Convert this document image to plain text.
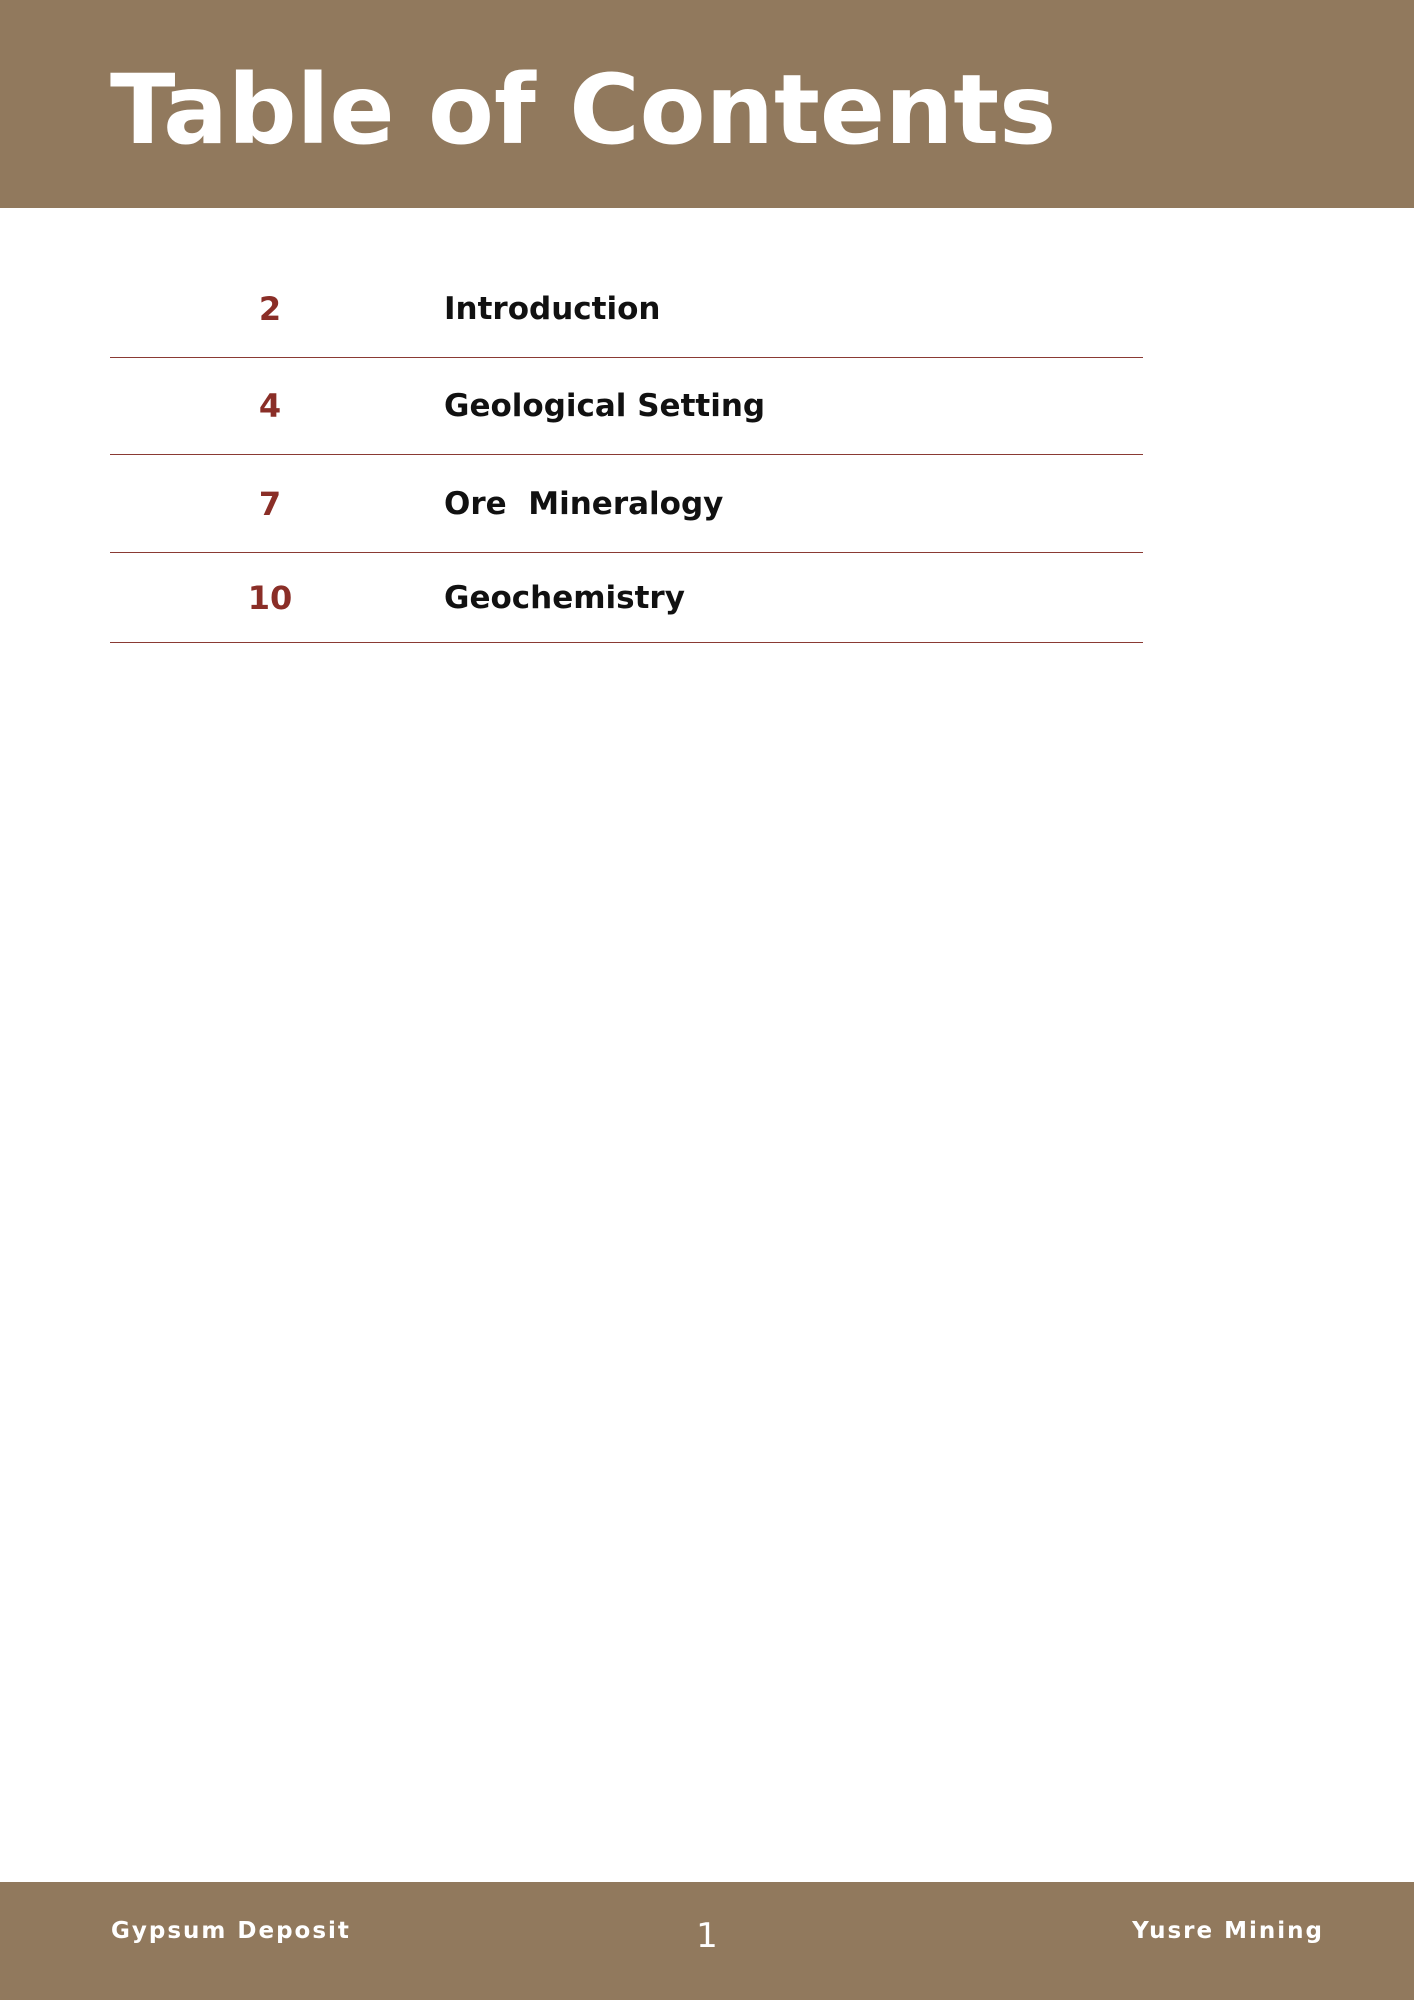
Table of Contents
2	Introduction
4	Geological Setting
7	Ore  Mineralogy
10	Geochemistry
Gypsum Deposit	1	Yusre Mining
